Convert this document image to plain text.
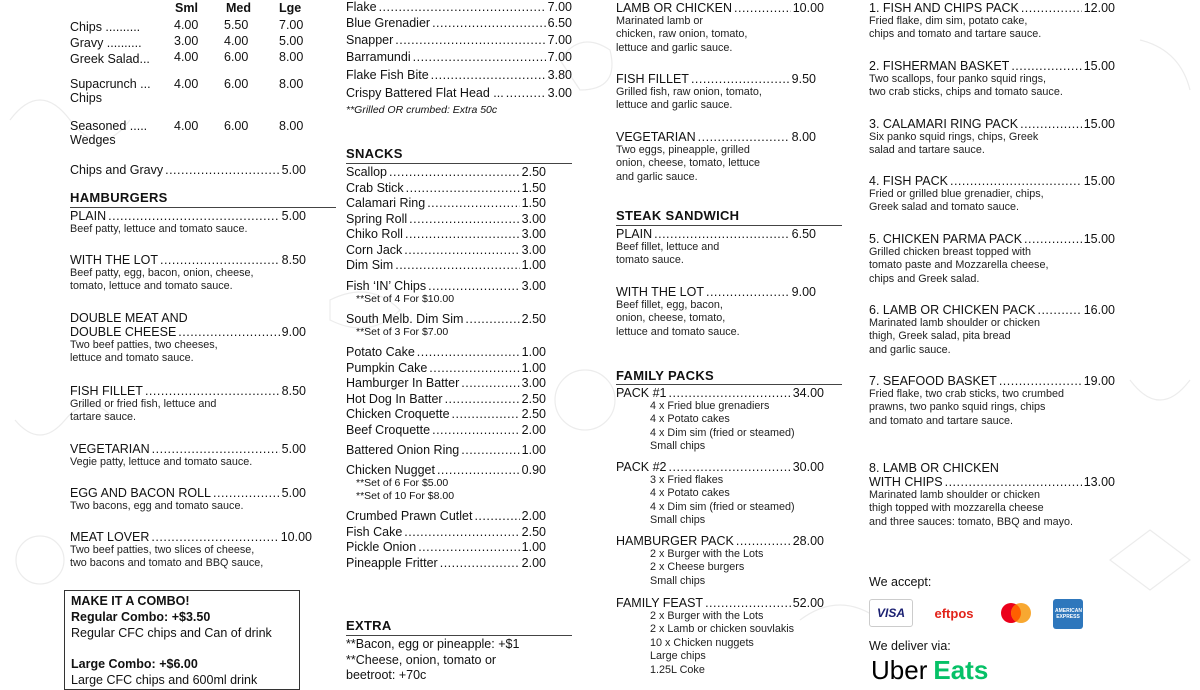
Sml Med Lge
Chips ..........	4.00 5.50 7.00
Gravy ..........	3.00 4.00 5.00
Greek Salad... 4.00 6.00 8.00
Supacrunch ...
Chips
4.00 6.00 8.00
Seasoned .....
Wedges
4.00 6.00 8.00
Chips and Gravy .....	5.00
HAMBURGERS
PLAIN .....	5.00
Beef patty, lettuce and tomato sauce.
WITH THE LOT .....	8.50
Beef patty, egg, bacon, onion, cheese,
tomato, lettuce and tomato sauce.
DOUBLE MEAT AND
DOUBLE CHEESE .....	9.00
Two beef patties, two cheeses,
lettuce and tomato sauce.
FISH FILLET .....	8.50
Grilled or fried fish, lettuce and
tartare sauce.
VEGETARIAN .....	5.00
Vegie patty, lettuce and tomato sauce.
EGG AND BACON ROLL .....	5.00
Two bacons, egg and tomato sauce.
MEAT LOVER .....	10.00
Two beef patties, two slices of cheese,
two bacons and tomato and BBQ sauce,
MAKE IT A COMBO!
Regular Combo: +$3.50
Regular CFC chips and Can of drink
Large Combo: +$6.00
Large CFC chips and 600ml drink
Flake .....	7.00
Blue Grenadier .....	6.50
Snapper .....	7.00
Barramundi .....	7.00
Flake Fish Bite .....	3.80
Crispy Battered Flat Head ... .....	3.00
**Grilled OR crumbed: Extra 50c
SNACKS
Scallop .....	2.50
Crab Stick .....	1.50
Calamari Ring .....	1.50
Spring Roll .....	3.00
Chiko Roll .....	3.00
Corn Jack .....	3.00
Dim Sim .....	1.00
Fish ‘IN’ Chips .....	3.00
**Set of 4 For $10.00
South Melb. Dim Sim .....	2.50
**Set of 3 For $7.00
Potato Cake .....	1.00
Pumpkin Cake .....	1.00
Hamburger In Batter .....	3.00
Hot Dog In Batter .....	2.50
Chicken Croquette .....	2.50
Beef Croquette .....	2.00
Battered Onion Ring .....	1.00
Chicken Nugget .....	0.90
**Set of 6 For $5.00
**Set of 10 For $8.00
Crumbed Prawn Cutlet .....	2.00
Fish Cake .....	2.50
Pickle Onion .....	1.00
Pineapple Fritter .....	2.00
EXTRA
**Bacon, egg or pineapple: +$1
**Cheese, onion, tomato or
beetroot: +70c
LAMB OR CHICKEN .....	10.00
Marinated lamb or
chicken, raw onion, tomato,
lettuce and garlic sauce.
FISH FILLET .....	9.50
Grilled fish, raw onion, tomato,
lettuce and garlic sauce.
VEGETARIAN .....	8.00
Two eggs, pineapple, grilled
onion, cheese, tomato, lettuce
and garlic sauce.
STEAK SANDWICH
PLAIN .....	6.50
Beef fillet, lettuce and
tomato sauce.
WITH THE LOT .....	9.00
Beef fillet, egg, bacon,
onion, cheese, tomato,
lettuce and tomato sauce.
FAMILY PACKS
PACK #1 .....	34.00
4 x Fried blue grenadiers
4 x Potato cakes
4 x Dim sim (fried or steamed)
Small chips
PACK #2 .....	30.00
3 x Fried flakes
4 x Potato cakes
4 x Dim sim (fried or steamed)
Small chips
HAMBURGER PACK .....	28.00
2 x Burger with the Lots
2 x Cheese burgers
Small chips
FAMILY FEAST .....	52.00
2 x Burger with the Lots
2 x Lamb or chicken souvlakis
10 x Chicken nuggets
Large chips
1.25L Coke
1. FISH AND CHIPS PACK .....	12.00
Fried flake, dim sim, potato cake,
chips and tomato and tartare sauce.
2. FISHERMAN BASKET .....	15.00
Two scallops, four panko squid rings,
two crab sticks, chips and tomato sauce.
3. CALAMARI RING PACK .....	15.00
Six panko squid rings, chips, Greek
salad and tartare sauce.
4. FISH PACK .....	15.00
Fried or grilled blue grenadier, chips,
Greek salad and tomato sauce.
5. CHICKEN PARMA PACK .....	15.00
Grilled chicken breast topped with
tomato paste and Mozzarella cheese,
chips and Greek salad.
6. LAMB OR CHICKEN PACK .....	16.00
Marinated lamb shoulder or chicken
thigh, Greek salad, pita bread
and garlic sauce.
7. SEAFOOD BASKET .....	19.00
Fried flake, two crab sticks, two crumbed
prawns, two panko squid rings, chips
and tomato and tartare sauce.
8. LAMB OR CHICKEN
WITH CHIPS .....	13.00
Marinated lamb shoulder or chicken
thigh topped with mozzarella cheese
and three sauces: tomato, BBQ and mayo.
We accept:
VISA eftpos	AMERICAN EXPRESS
We deliver via:
Uber Eats
